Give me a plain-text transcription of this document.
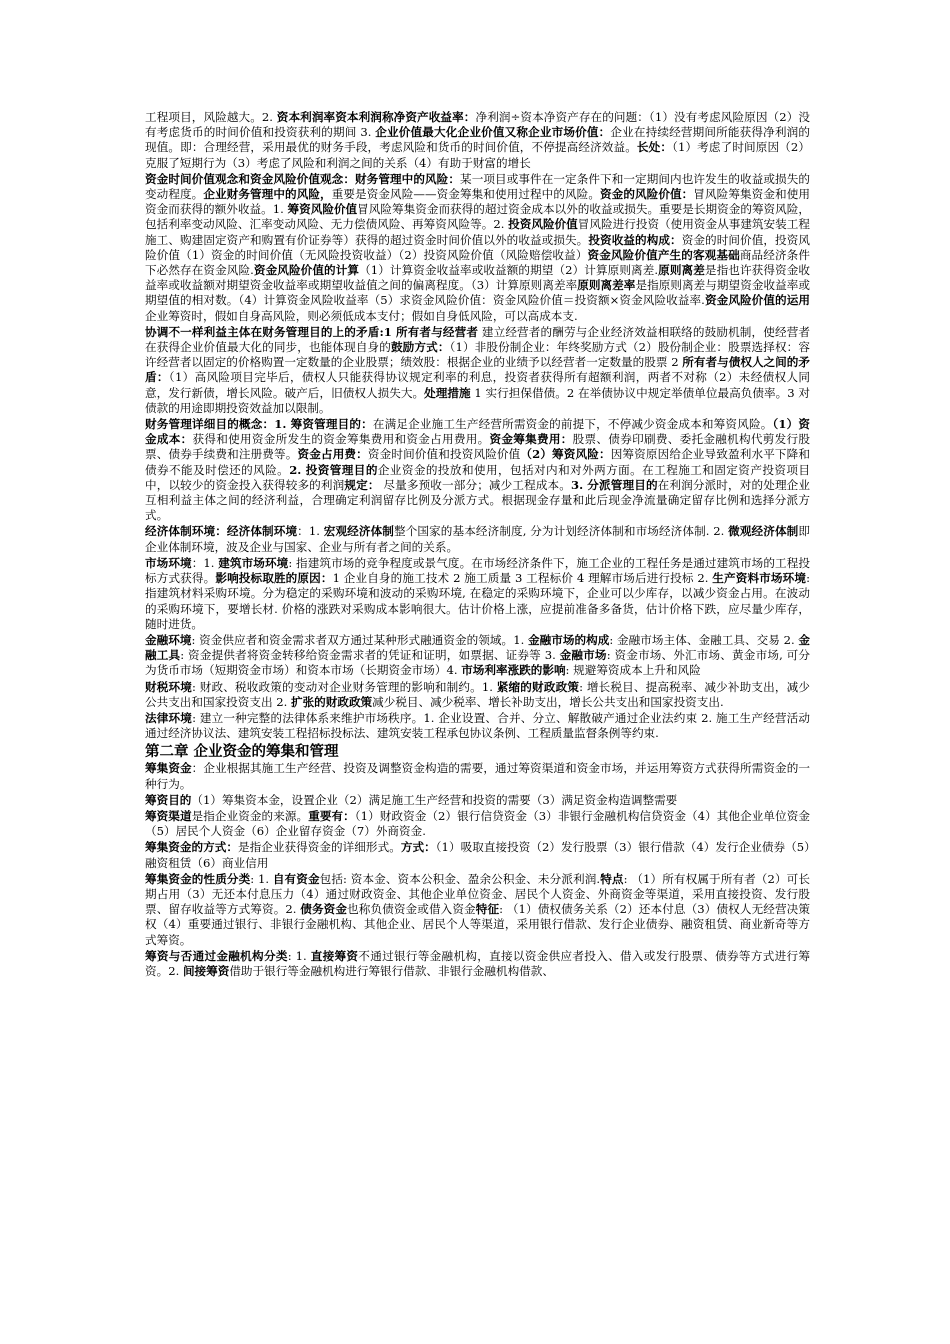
工程项目，风险越大。2. 资本利润率资本利润称净资产收益率：净利润÷资本净资产存在的问题：（1）没有考虑风险原因（2）没有考虑货币的时间价值和投资获利的期间 3. 企业价值最大化企业价值又称企业市场价值：企业在持续经营期间所能获得净利润的现值。即：合理经营，采用最优的财务手段，考虑风险和货币的时间价值，不停提高经济效益。长处：（1）考虑了时间原因（2）克服了短期行为（3）考虑了风险和利润之间的关系（4）有助于财富的增长

资金时间价值观念和资金风险价值观念：财务管理中的风险：某一项目或事件在一定条件下和一定期间内也许发生的收益或损失的变动程度。企业财务管理中的风险，重要是资金风险——资金筹集和使用过程中的风险。资金的风险价值：冒风险筹集资金和使用资金而获得的额外收益。1. 筹资风险价值冒风险筹集资金而获得的超过资金成本以外的收益或损失。重要是长期资金的筹资风险，包括利率变动风险、汇率变动风险、无力偿债风险、再筹资风险等。2. 投资风险价值冒风险进行投资（使用资金从事建筑安装工程施工、购建固定资产和购置有价证券等）获得的超过资金时间价值以外的收益或损失。投资收益的构成：资金的时间价值，投资风险价值（1）资金的时间价值（无风险投资收益）（2）投资风险价值（风险赔偿收益）资金风险价值产生的客观基础商品经济条件下必然存在资金风险.资金风险价值的计算（1）计算资金收益率或收益额的期望（2）计算原则离差.原则离差是指也许获得资金收益率或收益额对期望资金收益率或期望收益值之间的偏离程度。（3）计算原则离差率原则离差率是指原则离差与期望资金收益率或期望值的相对数。（4）计算资金风险收益率（5）求资金风险价值：资金风险价值＝投资额×资金风险收益率.资金风险价值的运用企业筹资时，假如自身高风险，则必须低成本支付；假如自身低风险，可以高成本支.

协调不一样利益主体在财务管理目的上的矛盾:1 所有者与经营者 建立经营者的酬劳与企业经济效益相联络的鼓励机制，使经营者在获得企业价值最大化的同步，也能体现自身的鼓励方式：（1）非股份制企业：年终奖励方式（2）股份制企业：股票选择权：容许经营者以固定的价格购置一定数量的企业股票；绩效股：根据企业的业绩予以经营者一定数量的股票 2 所有者与债权人之间的矛盾：（1）高风险项目完毕后，债权人只能获得协议规定利率的利息，投资者获得所有超额利润，两者不对称（2）未经债权人同意，发行新债，增长风险。破产后，旧债权人损失大。处理措施 1 实行担保借债。2 在举债协议中规定举债单位最高负债率。3 对债款的用途即期投资效益加以限制。

财务管理详细目的概念：1. 筹资管理目的：在满足企业施工生产经营所需资金的前提下，不停减少资金成本和筹资风险。（1）资金成本：获得和使用资金所发生的资金筹集费用和资金占用费用。资金筹集费用：股票、债券印刷费、委托金融机构代剪发行股票、债券手续费和注册费等。资金占用费：资金时间价值和投资风险价值（2）筹资风险：因筹资原因给企业导致盈利水平下降和债券不能及时偿还的风险。2. 投资管理目的企业资金的投放和使用，包括对内和对外两方面。在工程施工和固定资产投资项目中，以较少的资金投入获得较多的利润规定： 尽量多预收一部分；减少工程成本。3. 分派管理目的在利润分派时，对的处理企业互相利益主体之间的经济利益，合理确定利润留存比例及分派方式。根据现金存量和此后现金净流量确定留存比例和选择分派方式。

经济体制环境：经济体制环境：1. 宏观经济体制整个国家的基本经济制度, 分为计划经济体制和市场经济体制. 2. 微观经济体制即企业体制环境，波及企业与国家、企业与所有者之间的关系。

市场环境：1. 建筑市场环境: 指建筑市场的竞争程度或景气度。在市场经济条件下，施工企业的工程任务是通过建筑市场的工程投标方式获得。影响投标取胜的原因：1 企业自身的施工技术 2 施工质量 3 工程标价 4 理解市场后进行投标 2. 生产资料市场环境: 指建筑材料采购环境。分为稳定的采购环境和波动的采购环境, 在稳定的采购环境下，企业可以少库存，以减少资金占用。在波动的采购环境下，要增长材. 价格的涨跌对采购成本影响很大。估计价格上涨，应提前准备多备货，估计价格下跌，应尽量少库存，随时进货。

金融环境: 资金供应者和资金需求者双方通过某种形式融通资金的领域。1. 金融市场的构成: 金融市场主体、金融工具、交易 2. 金融工具: 资金提供者将资金转移给资金需求者的凭证和证明，如票据、证券等 3. 金融市场: 资金市场、外汇市场、黄金市场, 可分为货币市场（短期资金市场）和资本市场（长期资金市场）4. 市场利率涨跌的影响: 规避筹资成本上升和风险

财税环境: 财政、税收政策的变动对企业财务管理的影响和制约。1. 紧缩的财政政策: 增长税目、提高税率、减少补助支出，减少公共支出和国家投资支出 2. 扩张的财政政策减少税目、减少税率、增长补助支出，增长公共支出和国家投资支出.

法律环境: 建立一种完整的法律体系来维护市场秩序。1. 企业设置、合并、分立、解散破产通过企业法约束 2. 施工生产经营活动通过经济协议法、建筑安装工程招标投标法、建筑安装工程承包协议条例、工程质量监督条例等约束.

第二章 企业资金的筹集和管理

筹集资金：企业根据其施工生产经营、投资及调整资金构造的需要，通过筹资渠道和资金市场，并运用筹资方式获得所需资金的一种行为。

筹资目的（1）筹集资本金，设置企业（2）满足施工生产经营和投资的需要（3）满足资金构造调整需要

筹资渠道是指企业资金的来源。重要有：（1）财政资金（2）银行信贷资金（3）非银行金融机构信贷资金（4）其他企业单位资金（5）居民个人资金（6）企业留存资金（7）外商资金.

筹集资金的方式：是指企业获得资金的详细形式。方式：（1）吸取直接投资（2）发行股票（3）银行借款（4）发行企业债券（5）融资租赁（6）商业信用

筹集资金的性质分类: 1. 自有资金包括: 资本金、资本公积金、盈余公积金、未分派利润.特点: （1）所有权属于所有者（2）可长期占用（3）无还本付息压力（4）通过财政资金、其他企业单位资金、居民个人资金、外商资金等渠道，采用直接投资、发行股票、留存收益等方式筹资。2. 债务资金也称负债资金或借入资金特征: （1）债权债务关系（2）还本付息（3）债权人无经营决策权（4）重要通过银行、非银行金融机构、其他企业、居民个人等渠道，采用银行借款、发行企业债券、融资租赁、商业新奇等方式筹资。

筹资与否通过金融机构分类: 1. 直接筹资不通过银行等金融机构，直接以资金供应者投入、借入或发行股票、债券等方式进行筹资。2. 间接筹资借助于银行等金融机构进行筹银行借款、非银行金融机构借款、
